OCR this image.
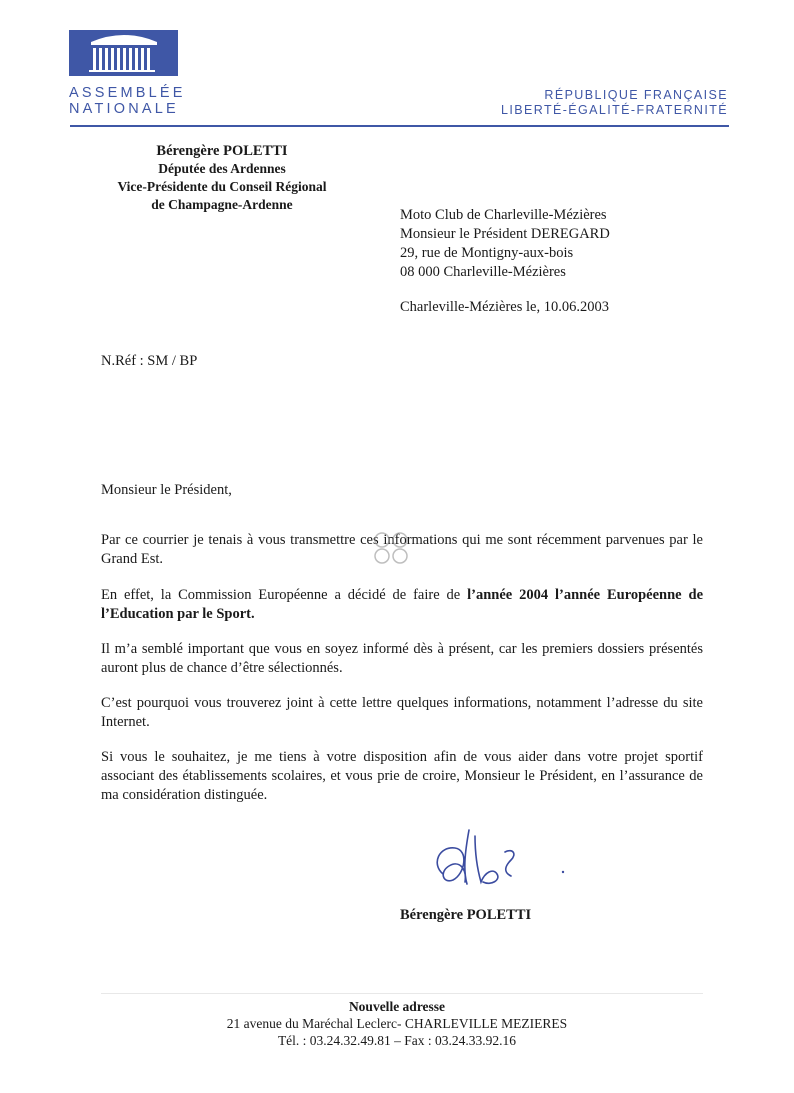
ASSEMBLÉE
NATIONALE
RÉPUBLIQUE FRANÇAISE
LIBERTÉ-ÉGALITÉ-FRATERNITÉ
Bérengère POLETTI
Députée des Ardennes
Vice-Présidente du Conseil Régional
de Champagne-Ardenne
Moto Club de Charleville-Mézières
Monsieur le Président DEREGARD
29, rue de Montigny-aux-bois
08 000 Charleville-Mézières
Charleville-Mézières le, 10.06.2003
N.Réf : SM / BP
Monsieur le Président,

Par ce courrier je tenais à vous transmettre ces informations qui me sont récemment parvenues par le Grand Est.

En effet, la Commission Européenne a décidé de faire de l’année 2004 l’année Européenne de l’Education par le Sport.

Il m’a semblé important que vous en soyez informé dès à présent, car les premiers dossiers présentés auront plus de chance d’être sélectionnés.

C’est pourquoi vous trouverez joint à cette lettre quelques informations, notamment l’adresse du site Internet.

Si vous le souhaitez, je me tiens à votre disposition afin de vous aider dans votre projet sportif associant des établissements scolaires, et vous prie de croire, Monsieur le Président, en l’assurance de ma considération distinguée.

Bérengère POLETTI
Nouvelle adresse
21 avenue du Maréchal Leclerc- CHARLEVILLE MEZIERES
Tél. : 03.24.32.49.81 – Fax : 03.24.33.92.16
